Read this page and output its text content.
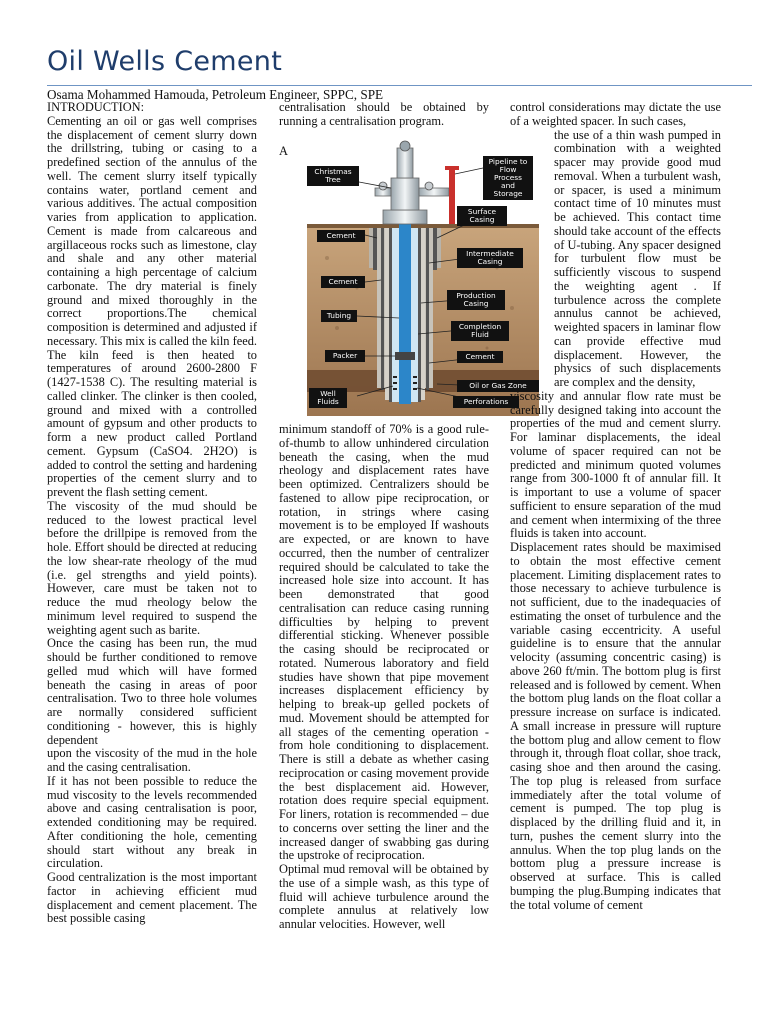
Oil Wells Cement
Osama Mohammed Hamouda, Petroleum Engineer, SPPC, SPE

INTRODUCTION:

Cementing an oil or gas well comprises the displacement of cement slurry down the drillstring, tubing or casing to a predefined section of the annulus of the well. The cement slurry itself typically contains water, portland cement and various additives. The actual composition varies from application to application. Cement is made from calcareous and argillaceous rocks such as limestone, clay and shale and any other material containing a high percentage of calcium carbonate. The dry material is finely ground and mixed thoroughly in the correct proportions.The chemical composition is determined and adjusted if necessary. This mix is called the kiln feed. The kiln feed is then heated to temperatures of around 2600-2800 F (1427-1538 C). The resulting material is called clinker. The clinker is then cooled, ground and mixed with a controlled amount of gypsum and other products to form a new product called Portland cement. Gypsum (CaSO4. 2H2O) is added to control the setting and hardening properties of the cement slurry and to prevent the flash setting cement.

The viscosity of the mud should be reduced to the lowest practical level before the drillpipe is removed from the hole. Effort should be directed at reducing the low shear-rate rheology of the mud (i.e. gel strengths and yield points). However, care must be taken not to reduce the mud rheology below the minimum level required to suspend the weighting agent such as barite.

Once the casing has been run, the mud should be further conditioned to remove gelled mud which will have formed beneath the casing in areas of poor centralisation. Two to three hole volumes are normally considered sufficient conditioning - however, this is highly dependent

upon the viscosity of the mud in the hole and the casing centralisation.

If it has not been possible to reduce the mud viscosity to the levels recommended above and casing centralisation is poor, extended conditioning may be required. After conditioning the hole, cementing should start without any break in circulation.

Good centralization is the most important factor in achieving efficient mud displacement and cement placement. The best possible casing

centralisation should be obtained by running a centralisation program.

A
Christmas
Tree
Pipeline to
Flow
Process
and
Storage
Surface
Casing
Cement
Intermediate
Casing
Cement
Production
Casing
Tubing
Completion
Fluid
Packer	Cement
Oil or Gas Zone
Well
Fluids	Perforations

minimum standoff of 70% is a good rule-of-thumb to allow unhindered circulation beneath the casing, when the mud rheology and displacement rates have been optimized. Centralizers should be fastened to allow pipe reciprocation, or rotation, in strings where casing movement is to be employed If washouts are expected, or are known to have occurred, then the number of centralizer required should be calculated to take the increased hole size into account. It has been demonstrated that good centralisation can reduce casing running difficulties by helping to prevent differential sticking. Whenever possible the casing should be reciprocated or rotated. Numerous laboratory and field studies have shown that pipe movement increases displacement efficiency by helping to break-up gelled pockets of mud. Movement should be attempted for all stages of the cementing operation - from hole conditioning to displacement. There is still a debate as whether casing reciprocation or casing movement provide the best displacement aid. However, rotation does require special equipment. For liners, rotation is recommended – due to concerns over setting the liner and the increased danger of swabbing gas during the upstroke of reciprocation.

Optimal mud removal will be obtained by the use of a simple wash, as this type of fluid will achieve turbulence around the complete annulus at relatively low annular velocities. However, well

control considerations may dictate the use of a weighted spacer. In such cases,

the use of a thin wash pumped in combination with a weighted spacer may provide good mud removal. When a turbulent wash, or spacer, is used a minimum contact time of 10 minutes must be achieved. This contact time should take account of the effects of U-tubing. Any spacer designed for turbulent flow must be sufficiently viscous to suspend the weighting agent . If turbulence across the complete annulus cannot be achieved, weighted spacers in laminar flow can provide effective mud displacement. However, the physics of such displacements are complex and the density,

viscosity and annular flow rate must be carefully designed taking into account the properties of the mud and cement slurry. For laminar displacements, the ideal volume of spacer required can not be predicted and minimum quoted volumes range from 300-1000 ft of annular fill. It is important to use a volume of spacer sufficient to ensure separation of the mud and cement when intermixing of the three fluids is taken into account.

Displacement rates should be maximised to obtain the most effective cement placement. Limiting displacement rates to those necessary to achieve turbulence is not sufficient, due to the inadequacies of estimating the onset of turbulence and the variable casing eccentricity. A useful guideline is to ensure that the annular velocity (assuming concentric casing) is above 260 ft/min. The bottom plug is first released and is followed by cement. When the bottom plug lands on the float collar a pressure increase on surface is indicated. A small increase in pressure will rupture the bottom plug and allow cement to flow through it, through float collar, shoe track, casing shoe and then around the casing. The top plug is released from surface immediately after the total volume of cement is pumped. The top plug is displaced by the drilling fluid and it, in turn, pushes the cement slurry into the annulus. When the top plug lands on the bottom plug a pressure increase is observed at surface. This is called bumping the plug.Bumping indicates that the total volume of cement
